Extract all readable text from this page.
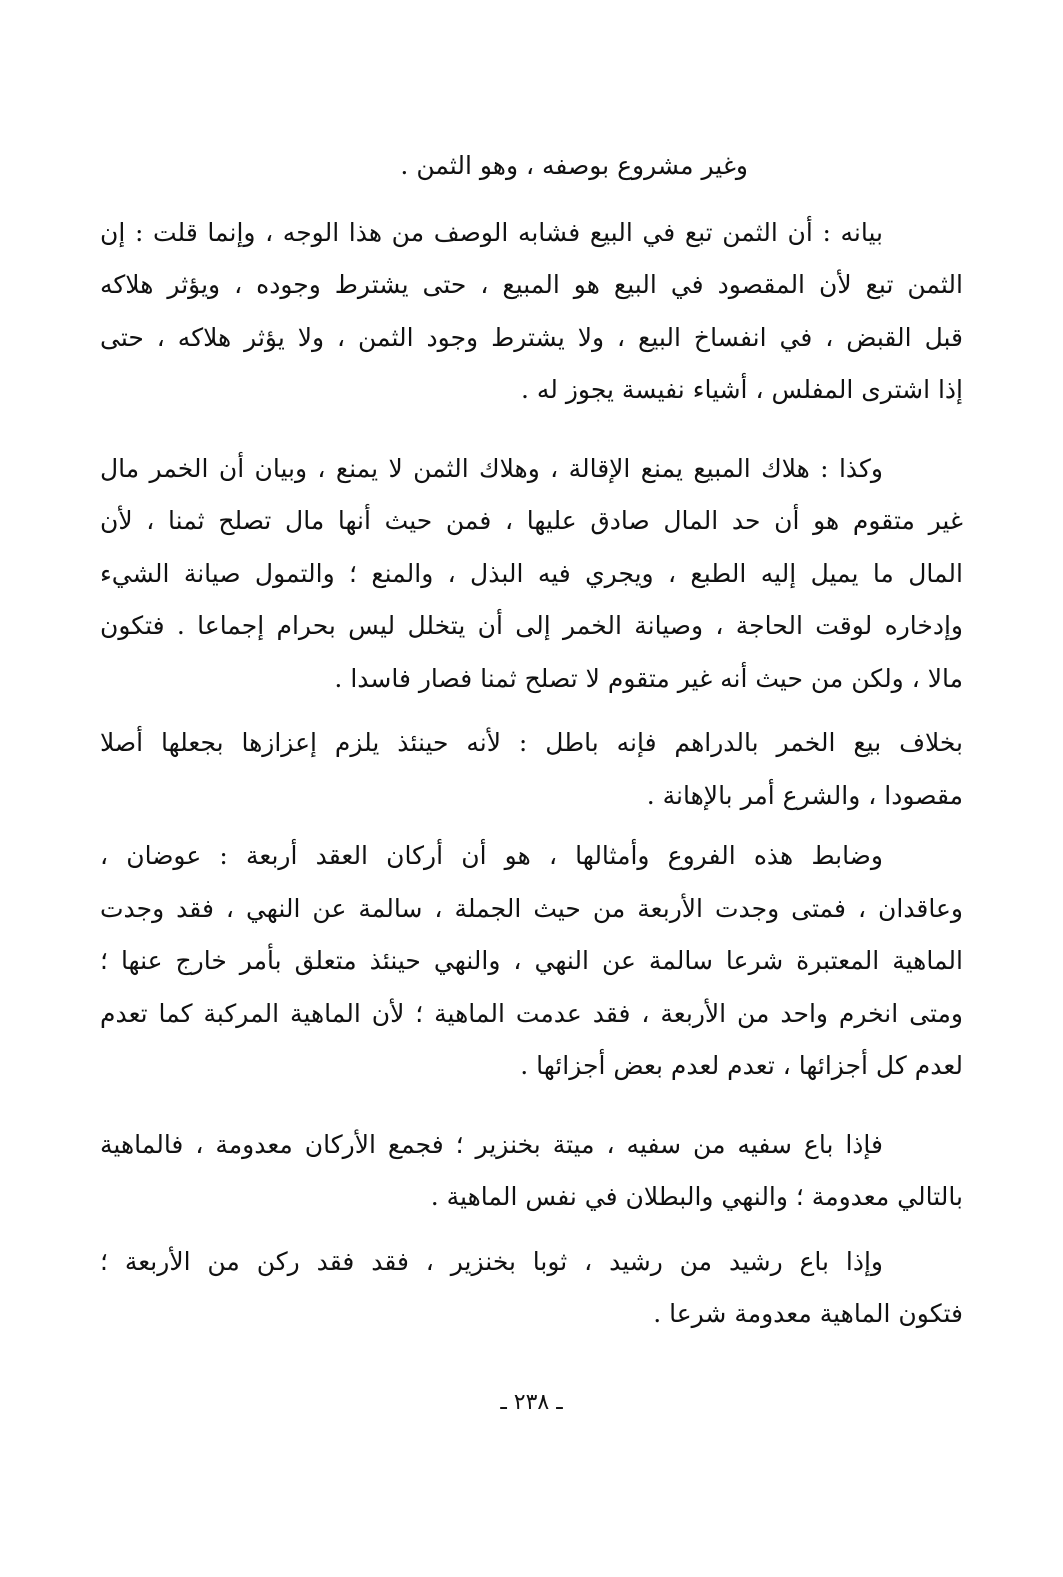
وغير مشروع بوصفه ، وهو الثمن .
بيانه : أن الثمن تبع في البيع فشابه الوصف من هذا الوجه ، وإنما قلت : إن
الثمن تبع لأن المقصود في البيع هو المبيع ، حتى يشترط وجوده ، ويؤثر هلاكه
قبل القبض ، في انفساخ البيع ، ولا يشترط وجود الثمن ، ولا يؤثر هلاكه ، حتى
إذا اشترى المفلس ، أشياء نفيسة يجوز له .
وكذا : هلاك المبيع يمنع الإقالة ، وهلاك الثمن لا يمنع ، وبيان أن الخمر مال
غير متقوم هو أن حد المال صادق عليها ، فمن حيث أنها مال تصلح ثمنا ، لأن
المال ما يميل إليه الطبع ، ويجري فيه البذل ، والمنع ؛ والتمول صيانة الشيء
وإدخاره لوقت الحاجة ، وصيانة الخمر إلى أن يتخلل ليس بحرام إجماعا . فتكون
مالا ، ولكن من حيث أنه غير متقوم لا تصلح ثمنا فصار فاسدا .
بخلاف بيع الخمر بالدراهم فإنه باطل : لأنه حينئذ يلزم إعزازها بجعلها أصلا
مقصودا ، والشرع أمر بالإهانة .
وضابط هذه الفروع وأمثالها ، هو أن أركان العقد أربعة : عوضان ،
وعاقدان ، فمتى وجدت الأربعة من حيث الجملة ، سالمة عن النهي ، فقد وجدت
الماهية المعتبرة شرعا سالمة عن النهي ، والنهي حينئذ متعلق بأمر خارج عنها ؛
ومتى انخرم واحد من الأربعة ، فقد عدمت الماهية ؛ لأن الماهية المركبة كما تعدم
لعدم كل أجزائها ، تعدم لعدم بعض أجزائها .
فإذا باع سفيه من سفيه ، ميتة بخنزير ؛ فجمع الأركان معدومة ، فالماهية
بالتالي معدومة ؛ والنهي والبطلان في نفس الماهية .
وإذا باع رشيد من رشيد ، ثوبا بخنزير ، فقد فقد ركن من الأربعة ؛
فتكون الماهية معدومة شرعا .
ـ ٢٣٨ ـ
